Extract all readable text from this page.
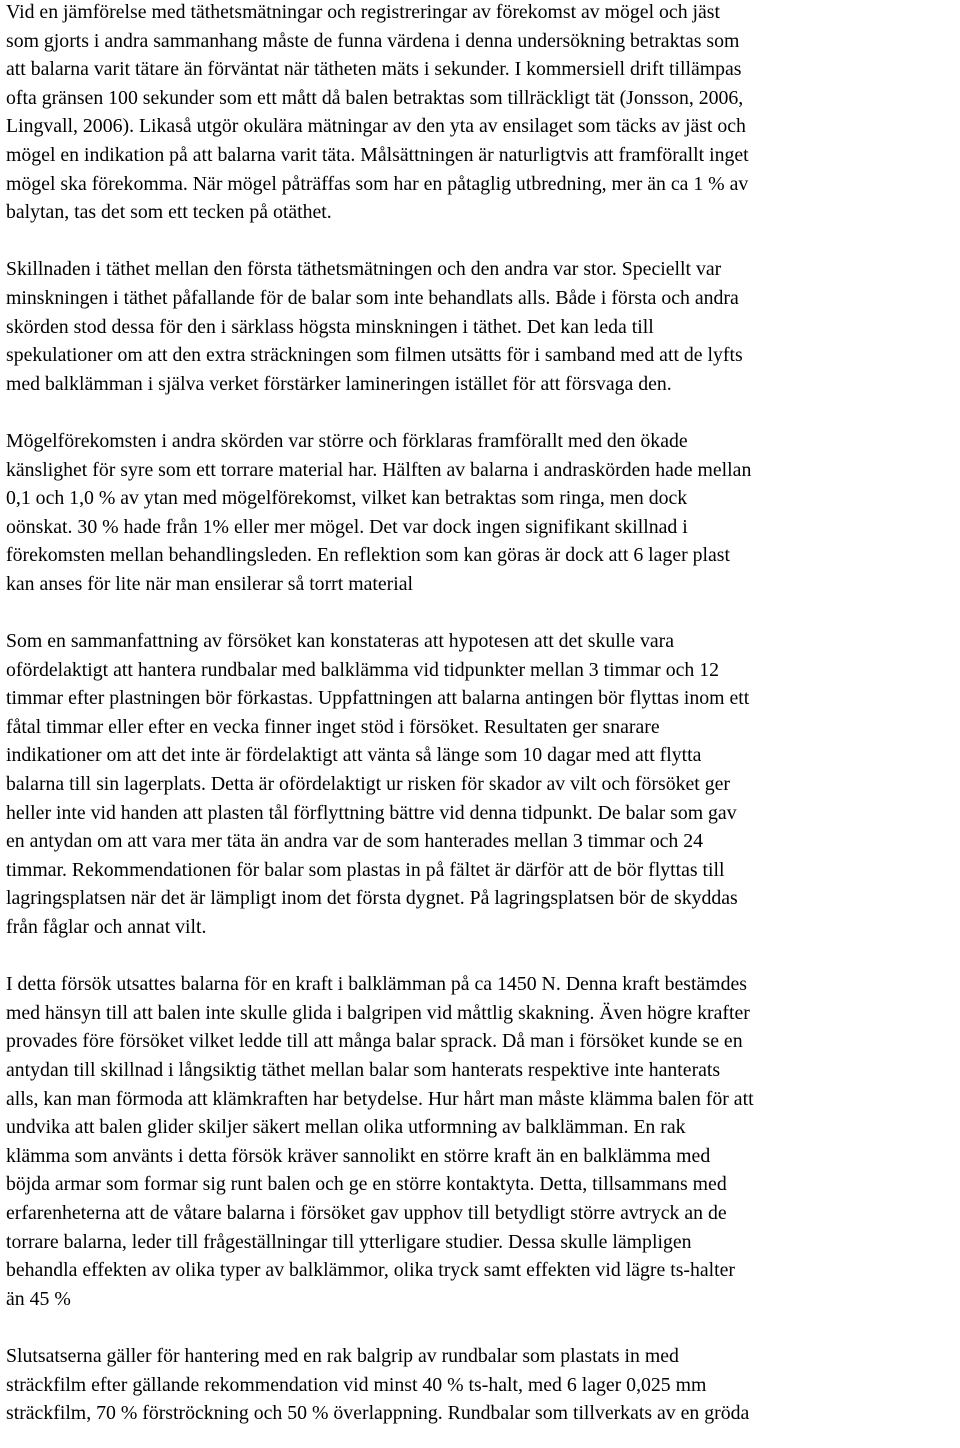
Vid en jämförelse med täthetsmätningar och registreringar av förekomst av mögel och jäst
som gjorts i andra sammanhang måste de funna värdena i denna undersökning betraktas som
att balarna varit tätare än förväntat när tätheten mäts i sekunder. I kommersiell drift tillämpas
ofta gränsen 100 sekunder som ett mått då balen betraktas som tillräckligt tät (Jonsson, 2006,
Lingvall, 2006). Likaså utgör okulära mätningar av den yta av ensilaget som täcks av jäst och
mögel en indikation på att balarna varit täta. Målsättningen är naturligtvis att framförallt inget
mögel ska förekomma. När mögel påträffas som har en påtaglig utbredning, mer än ca 1 % av
balytan, tas det som ett tecken på otäthet.

Skillnaden i täthet mellan den första täthetsmätningen och den andra var stor. Speciellt var
minskningen i täthet påfallande för de balar som inte behandlats alls. Både i första och andra
skörden stod dessa för den i särklass högsta minskningen i täthet. Det kan leda till
spekulationer om att den extra sträckningen som filmen utsätts för i samband med att de lyfts
med balklämman i själva verket förstärker lamineringen istället för att försvaga den.

Mögelförekomsten i andra skörden var större och förklaras framförallt med den ökade
känslighet för syre som ett torrare material har. Hälften av balarna i andraskörden hade mellan
0,1 och 1,0 % av ytan med mögelförekomst, vilket kan betraktas som ringa, men dock
oönskat. 30 % hade från 1% eller mer mögel. Det var dock ingen signifikant skillnad i
förekomsten mellan behandlingsleden. En reflektion som kan göras är dock att 6 lager plast
kan anses för lite när man ensilerar så torrt material

Som en sammanfattning av försöket kan konstateras att hypotesen att det skulle vara
ofördelaktigt att hantera rundbalar med balklämma vid tidpunkter mellan 3 timmar och 12
timmar efter plastningen bör förkastas. Uppfattningen att balarna antingen bör flyttas inom ett
fåtal timmar eller efter en vecka finner inget stöd i försöket. Resultaten ger snarare
indikationer om att det inte är fördelaktigt att vänta så länge som 10 dagar med att flytta
balarna till sin lagerplats. Detta är ofördelaktigt ur risken för skador av vilt och försöket ger
heller inte vid handen att plasten tål förflyttning bättre vid denna tidpunkt. De balar som gav
en antydan om att vara mer täta än andra var de som hanterades mellan 3 timmar och 24
timmar. Rekommendationen för balar som plastas in på fältet är därför att de bör flyttas till
lagringsplatsen när det är lämpligt inom det första dygnet. På lagringsplatsen bör de skyddas
från fåglar och annat vilt.

I detta försök utsattes balarna för en kraft i balklämman på ca 1450 N. Denna kraft bestämdes
med hänsyn till att balen inte skulle glida i balgripen vid måttlig skakning. Även högre krafter
provades före försöket vilket ledde till att många balar sprack. Då man i försöket kunde se en
antydan till skillnad i långsiktig täthet mellan balar som hanterats respektive inte hanterats
alls, kan man förmoda att klämkraften har betydelse. Hur hårt man måste klämma balen för att
undvika att balen glider skiljer säkert mellan olika utformning av balklämman. En rak
klämma som använts i detta försök kräver sannolikt en större kraft än en balklämma med
böjda armar som formar sig runt balen och ge en större kontaktyta. Detta, tillsammans med
erfarenheterna att de våtare balarna i försöket gav upphov till betydligt större avtryck an de
torrare balarna, leder till frågeställningar till ytterligare studier. Dessa skulle lämpligen
behandla effekten av olika typer av balklämmor, olika tryck samt effekten vid lägre ts-halter
än 45 %

Slutsatserna gäller för hantering med en rak balgrip av rundbalar som plastats in med
sträckfilm efter gällande rekommendation vid minst 40 % ts-halt, med 6 lager 0,025 mm
sträckfilm, 70 % förströckning och 50 % överlappning. Rundbalar som tillverkats av en gröda
